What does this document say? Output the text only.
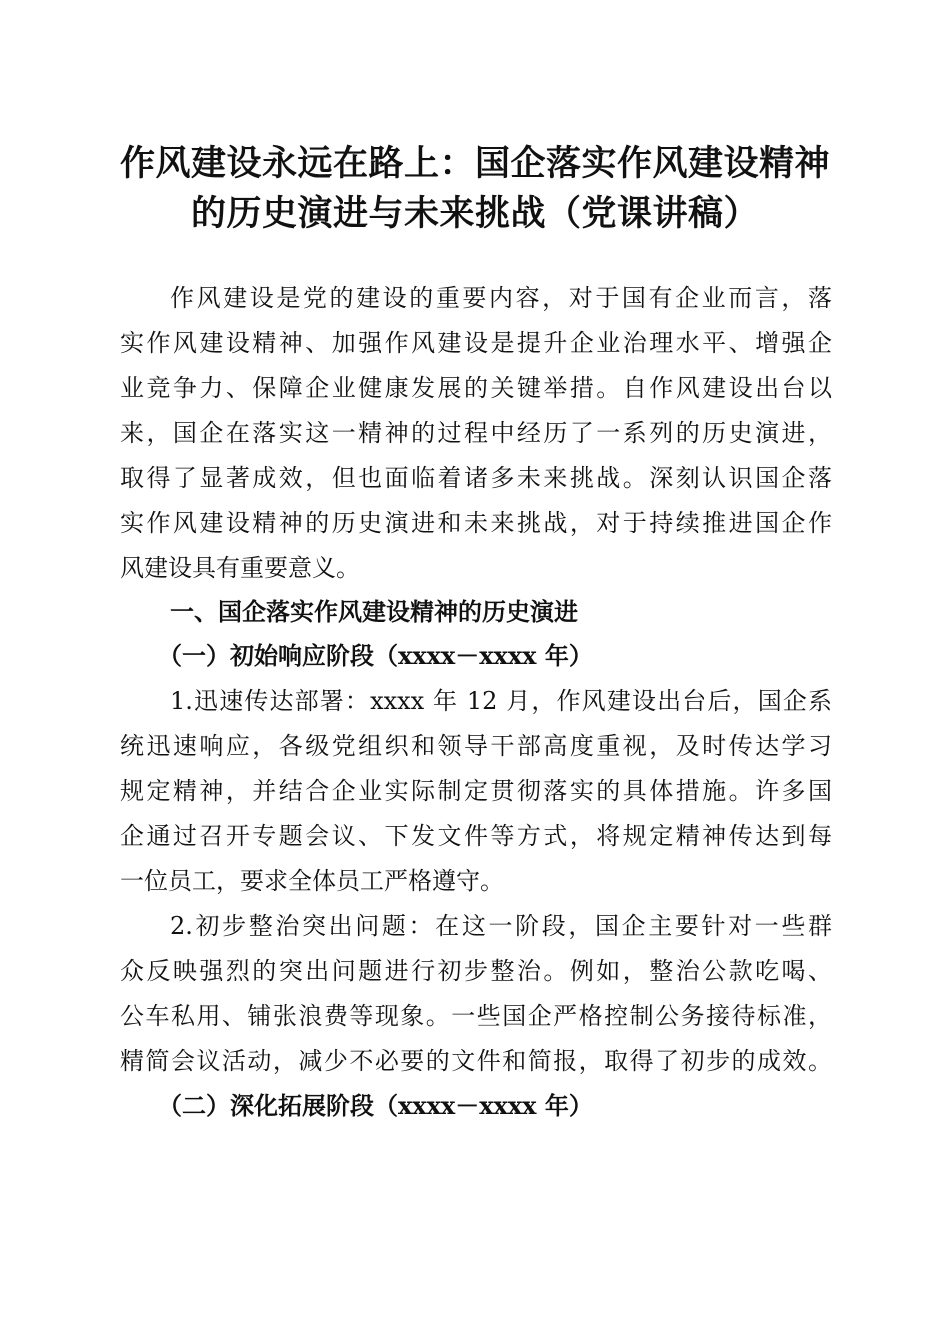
作风建设永远在路上：国企落实作风建设精神
的历史演进与未来挑战（党课讲稿）

作风建设是党的建设的重要内容，对于国有企业而言，落

实作风建设精神、加强作风建设是提升企业治理水平、增强企

业竞争力、保障企业健康发展的关键举措。自作风建设出台以

来，国企在落实这一精神的过程中经历了一系列的历史演进，

取得了显著成效，但也面临着诸多未来挑战。深刻认识国企落

实作风建设精神的历史演进和未来挑战，对于持续推进国企作

风建设具有重要意义。

一、国企落实作风建设精神的历史演进
（一）初始响应阶段（xxxx－xxxx 年）

1.迅速传达部署：xxxx 年 12 月，作风建设出台后，国企系

统迅速响应，各级党组织和领导干部高度重视，及时传达学习

规定精神，并结合企业实际制定贯彻落实的具体措施。许多国

企通过召开专题会议、下发文件等方式，将规定精神传达到每

一位员工，要求全体员工严格遵守。

2.初步整治突出问题：在这一阶段，国企主要针对一些群

众反映强烈的突出问题进行初步整治。例如，整治公款吃喝、

公车私用、铺张浪费等现象。一些国企严格控制公务接待标准，

精简会议活动，减少不必要的文件和简报，取得了初步的成效。

（二）深化拓展阶段（xxxx－xxxx 年）
